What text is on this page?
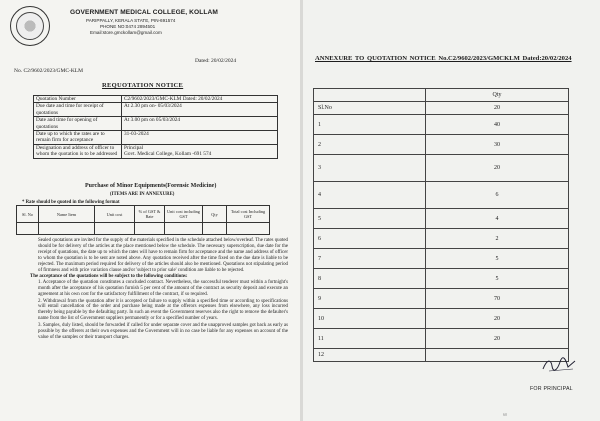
GOVERNMENT MEDICAL COLLEGE, KOLLAM
PARIPPALLY, KERALA STATE, PIN-691574
PHONE NO:0474 2894501
Email:store.gmckollam@gmail.com
Dated: 20/02/2024
No. C2/9602/2023/GMC-KLM
REQUOTATION NOTICE
Quotation Number	C2/9602/2023/GMC-KLM Dated: 20/02/2024
Due date and time for receipt of quotations	At 2.30 pm on- 05/03/2024
Date and time for opening of quotations	At 3.00 pm on 05/03/2024
Date up to which the rates are to remain firm for acceptance	31-03-2024
Designation and address of officer to whom the quotation is to be addressed	Principal
Govt. Medical College, Kollam -691 574
Purchase of Minor Equipments(Forensic Medicine)
(ITEMS ARE IN ANNEXURE)
* Rate should be quoted in the following format
Sl. No	Name Item	Unit cost	% of GST & Rate	Unit cost including GST	Qty	Total cost Including GST

Sealed quotations are invited for the supply of the materials specified in the schedule attached below/overleaf. The rates quoted should be for delivery of the articles at the place mentioned below the schedule. The necessary superscription, due date for the receipt of quotations, the date up to which the rates will have to remain firm for acceptance and the name and address of officer to whom the quotation is to be sent are noted above. Any quotation received after the time fixed on the due date is liable to be rejected. The maximum period required for delivery of the articles should also be mentioned. Quotations not stipulating period of firmness and with price variation clause and/or 'subject to prior sale' condition are liable to be rejected.

The acceptance of the quotations will be subject to the following conditions:

1. Acceptance of the quotation constitutes a concluded contract. Nevertheless, the successful tenderer must within a fortnight's month after the acceptance of his quotation furnish 5 per cent of the amount of the contract as security deposit and execute an agreement at his own cost for the satisfactory fulfillment of the contract, if so required.

2. Withdrawal from the quotation after it is accepted or failure to supply within a specified time or according to specifications will entail cancellation of the order and purchase being made at the offerors expenses from elsewhere, any loss incurred thereby being payable by the defaulting party. In such an event the Government reserves also the right to remove the defaulter's name from the list of Government suppliers permanently or for a specified number of years.

3. Samples, duly listed, should be forwarded if called for under separate cover and the unapproved samples got back as early as possible by the offerers at their own expenses and the Government will in no case be liable for any expenses on account of the value of the samples or their transport charges.

ANNEXURE TO QUOTATION NOTICE No.C2/9602/2023/GMCKLM Dated:20/02/2024
	Qty
Sl.No	20
1	40
2	30
3	20
4	6
5	4
6	2
7	5
8	5
9	70
10	20
11	20
12	
FOR PRINCIPAL
60
